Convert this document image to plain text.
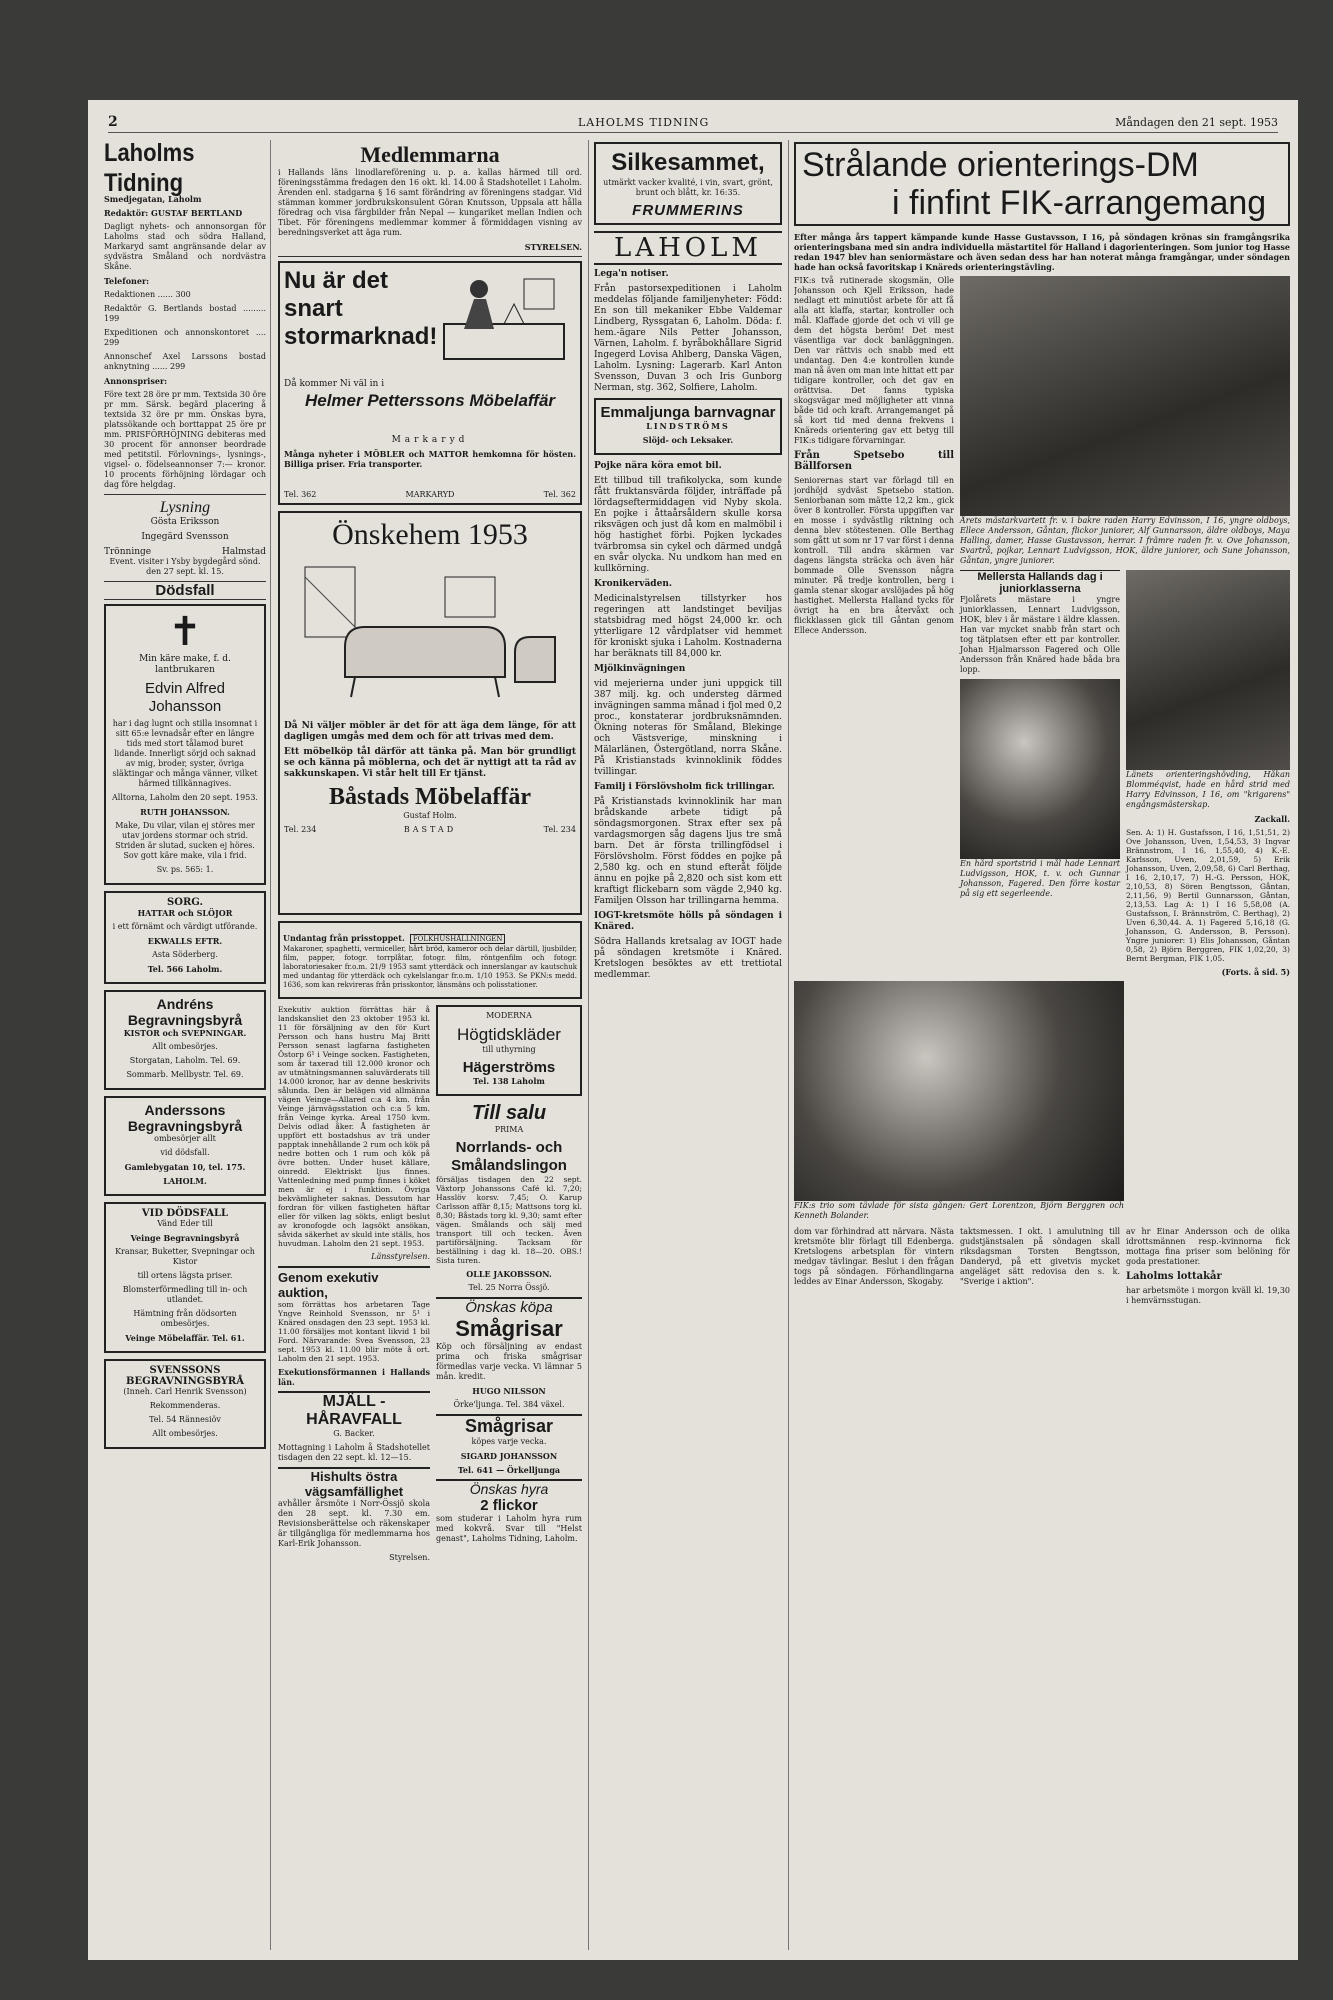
2	LAHOLMS TIDNING	Måndagen den 21 sept. 1953
Laholms Tidning

Smedjegatan, Laholm

Redaktör: GUSTAF BERTLAND

Dagligt nyhets- och annonsorgan för Laholms stad och södra Halland, Markaryd samt angränsande delar av sydvästra Småland och nordvästra Skåne.

Telefoner:

Redaktionen ...... 300

Redaktör G. Bertlands bostad ......... 199

Expeditionen och annonskontoret .... 299

Annonschef Axel Larssons bostad anknytning ...... 299

Annonspriser:

Före text 28 öre pr mm. Textsida 30 öre pr mm. Särsk. begärd placering å textsida 32 öre pr mm. Önskas byra, platssökande och borttappat 25 öre pr mm. PRISFÖRHÖJNING debiteras med 30 procent för annonser beordrade med petitstil. Förlovnings-, lysnings-, vigsel- o. födelseannonser 7:— kronor. 10 procents förhöjning lördagar och dag före helgdag.

Lysning

Gösta Eriksson

Ingegärd Svensson

Trönninge	Halmstad

Event. visiter i Ysby bygdegård sönd. den 27 sept. kl. 15.

Dödsfall
✝

Min käre make, f. d. lantbrukaren

Edvin Alfred Johansson

har i dag lugnt och stilla insomnat i sitt 65:e levnadsår efter en längre tids med stort tålamod buret lidande. Innerligt sörjd och saknad av mig, broder, syster, övriga släktingar och många vänner, vilket härmed tillkännagives.

Alltorna, Laholm den 20 sept. 1953.

RUTH JOHANSSON.

Make, Du vilar, vilan ej störes mer utav jordens stormar och strid. Striden är slutad, sucken ej höres. Sov gott käre make, vila i frid.

Sv. ps. 565: 1.

SORG.

HATTAR och SLÖJOR

i ett förnämt och värdigt utförande.

EKWALLS EFTR.

Asta Söderberg.

Tel. 566 Laholm.

Andréns Begravningsbyrå

KISTOR och SVEPNINGAR.

Allt ombesörjes.

Storgatan, Laholm. Tel. 69.

Sommarb. Mellbystr. Tel. 69.

Anderssons Begravningsbyrå

ombesörjer allt

vid dödsfall.

Gamlebygatan 10, tel. 175.

LAHOLM.

VID DÖDSFALL

Vänd Eder till

Veinge Begravningsbyrå

Kransar, Buketter, Svepningar och Kistor

till ortens lägsta priser.

Blomsterförmedling till in- och utlandet.

Hämtning från dödsorten ombesörjes.

Veinge Möbelaffär. Tel. 61.

SVENSSONS BEGRAVNINGSBYRÅ

(Inneh. Carl Henrik Svensson)

Rekommenderas.

Tel. 54 Rännesiöv

Allt ombesörjes.

Medlemmarna

i Hallands läns linodlareförening u. p. a. kallas härmed till ord. föreningsstämma fredagen den 16 okt. kl. 14.00 å Stadshotellet i Laholm. Ärenden enl. stadgarna § 16 samt förändring av föreningens stadgar. Vid stämman kommer jordbrukskonsulent Göran Knutsson, Uppsala att hålla föredrag och visa färgbilder från Nepal — kungariket mellan Indien och Tibet. För föreningens medlemmar kommer å förmiddagen visning av beredningsverket att äga rum.

STYRELSEN.

Nu är det snart stormarknad!

Då kommer Ni väl in i

Helmer Petterssons Möbelaffär
Markaryd

Många nyheter i MÖBLER och MATTOR hemkomna för hösten. Billiga priser. Fria transporter.

Tel. 362	MARKARYD	Tel. 362
Önskehem 1953

Då Ni väljer möbler är det för att äga dem länge, för att dagligen umgås med dem och för att trivas med dem.

Ett möbelköp tål därför att tänka på. Man bör grundligt se och känna på möblerna, och det är nyttigt att ta råd av sakkunskapen. Vi står helt till Er tjänst.

Båstads Möbelaffär

Gustaf Holm.

Tel. 234	BASTAD	Tel. 234
Undantag från prisstoppet. FOLKHUSHÅLLNINGEN

Makaroner, spaghetti, vermiceller, hårt bröd, kameror och delar därtill, ljusbilder, film, papper, fotogr. torrplåtar, fotogr. film, röntgenfilm och fotogr. laboratoriesaker fr.o.m. 21/9 1953 samt ytterdäck och innerslangar av kautschuk med undantag för ytterdäck och cykelslangar fr.o.m. 1/10 1953. Se PKN:s medd. 1636, som kan rekvireras från prisskontor, länsmäns och polisstationer.

Exekutiv auktion förrättas här å landskansliet den 23 oktober 1953 kl. 11 för försäljning av den för Kurt Persson och hans hustru Maj Britt Persson senast lagfarna fastigheten Östorp 6¹ i Veinge socken. Fastigheten, som år taxerad till 12.000 kronor och av utmätningsmannen saluvärderats till 14.000 kronor, har av denne beskrivits sålunda. Den är belägen vid allmänna vägen Veinge—Allared c:a 4 km. från Veinge järnvägsstation och c:a 5 km. från Veinge kyrka. Areal 1750 kvm. Delvis odlad åker. Å fastigheten är uppfört ett bostadshus av trä under papptak innehållande 2 rum och kök på nedre botten och 1 rum och kök på övre botten. Under huset källare, oinredd. Elektriskt ljus finnes. Vattenledning med pump finnes i köket men är ej i funktion. Övriga bekvämligheter saknas. Dessutom har fordran för vilken fastigheten häftar eller för vilken lag sökts, enligt beslut av kronofogde och lagsökt ansökan, såvida säkerhet av skuld inte ställs, hos huvudman. Laholm den 21 sept. 1953.

Länsstyrelsen.

Genom exekutiv auktion,

som förrättas hos arbetaren Tage Yngve Reinhold Svensson, nr 5¹ i Knäred onsdagen den 23 sept. 1953 kl. 11.00 försäljes mot kontant likvid 1 bil Ford. Närvarande: Svea Svensson, 23 sept. 1953 kl. 11.00 blir möte å ort. Laholm den 21 sept. 1953.

Exekutionsförmannen i Hallands län.

MJÄLL - HÅRAVFALL

G. Backer.

Mottagning i Laholm å Stadshotellet tisdagen den 22 sept. kl. 12—15.

Hishults östra vägsamfällighet

avhåller årsmöte i Norr-Össjö skola den 28 sept. kl. 7.30 em. Revisionsberättelse och räkenskaper är tillgängliga för medlemmarna hos Karl-Erik Johansson.

Styrelsen.

MODERNA

Högtidskläder

till uthyrning

Hägerströms

Tel. 138 Laholm

Till salu

PRIMA

Norrlands- och Smålandslingon

försäljas tisdagen den 22 sept. Växtorp Johanssons Café kl. 7,20; Hasslöv korsv. 7,45; O. Karup Carlsson affär 8,15; Mattsons torg kl. 8,30; Båstads torg kl. 9,30; samt efter vägen. Smålands och sälj med transport till och tecken. Även partiförsäljning. Tacksam för beställning i dag kl. 18—20. OBS.! Sista turen.

OLLE JAKOBSSON.

Tel. 25 Norra Össjö.

Önskas köpa
Smågrisar

Köp och försäljning av endast prima och friska smågrisar förmedlas varje vecka. Vi lämnar 5 mån. kredit.

HUGO NILSSON

Örke'ljunga. Tel. 384 växel.

Smågrisar

köpes varje vecka.

SIGARD JOHANSSON

Tel. 641 — Örkelljunga

Önskas hyra
2 flickor

som studerar i Laholm hyra rum med kokvrå. Svar till "Helst genast", Laholms Tidning, Laholm.

Silkesammet,

utmärkt vacker kvalité, i vin, svart, grönt, brunt och blått, kr. 16:35.

FRUMMERINS
LAHOLM

Lega'n notiser.

Från pastorsexpeditionen i Laholm meddelas följande familjenyheter: Född: En son till mekaniker Ebbe Valdemar Lindberg, Ryssgatan 6, Laholm. Döda: f. hem.-ägare Nils Petter Johansson, Värnen, Laholm. f. byråbokhållare Sigrid Ingegerd Lovisa Ahlberg, Danska Vägen, Laholm. Lysning: Lagerarb. Karl Anton Svensson, Duvan 3 och Iris Gunborg Nerman, stg. 362, Solfiere, Laholm.

Emmaljunga barnvagnar

LINDSTRÖMS

Slöjd- och Leksaker.

Pojke nära köra emot bil.

Ett tillbud till trafikolycka, som kunde fått fruktansvärda följder, inträffade på lördagseftermiddagen vid Nyby skola. En pojke i åttaårsåldern skulle korsa riksvägen och just då kom en malmöbil i hög hastighet förbi. Pojken lyckades tvärbromsa sin cykel och därmed undgå en svår olycka. Nu undkom han med en kullkörning.

Kronikerväden.

Medicinalstyrelsen tillstyrker hos regeringen att landstinget beviljas statsbidrag med högst 24,000 kr. och ytterligare 12 vårdplatser vid hemmet för kroniskt sjuka i Laholm. Kostnaderna har beräknats till 84,000 kr.

Mjölkinvägningen

vid mejerierna under juni uppgick till 387 milj. kg. och understeg därmed invägningen samma månad i fjol med 0,2 proc., konstaterar jordbruksnämnden. Ökning noteras för Småland, Blekinge och Västsverige, minskning i Mälarlänen, Östergötland, norra Skåne. På Kristianstads kvinnoklinik föddes tvillingar.

Familj i Förslövsholm fick trillingar.

På Kristianstads kvinnoklinik har man brådskande arbete tidigt på söndagsmorgonen. Strax efter sex på vardagsmorgen såg dagens ljus tre små barn. Det är första trillingfödsel i Förslövsholm. Först föddes en pojke på 2,580 kg. och en stund efteråt följde ännu en pojke på 2,820 och sist kom ett kraftigt flickebarn som vägde 2,940 kg. Familjen Olsson har trillingarna hemma.

IOGT-kretsmöte hölls på söndagen i Knäred.

Södra Hallands kretsalag av IOGT hade på söndagen kretsmöte i Knäred. Kretslogen besöktes av ett trettiotal medlemmar.

Strålande orienterings-DM
i finfint FIK-arrangemang

Efter många års tappert kämpande kunde Hasse Gustavsson, I 16, på söndagen krönas sin framgångsrika orienteringsbana med sin andra individuella mästartitel för Halland i dagorienteringen. Som junior tog Hasse redan 1947 blev han seniormästare och även sedan dess har han noterat många framgångar, under söndagen hade han också favoritskap i Knäreds orienteringstävling.

FIK:s två rutinerade skogsmän, Olle Johansson och Kjell Eriksson, hade nedlagt ett minutiöst arbete för att få alla att klaffa, startar, kontroller och mål. Klaffade gjorde det och vi vill ge dem det högsta beröm! Det mest väsentliga var dock banläggningen. Den var rättvis och snabb med ett undantag. Den 4:e kontrollen kunde man nå även om man inte hittat ett par tidigare kontroller, och det gav en orättvisa. Det fanns typiska skogsvägar med möjligheter att vinna både tid och kraft. Arrangemanget på så kort tid med denna frekvens i Knäreds orientering gav ett betyg till FIK:s tidigare förvarningar.

Från Spetsebo till Bällforsen

Seniorernas start var förlagd till en jordhöjd sydväst Spetsebo station. Seniorbanan som mätte 12,2 km., gick över 8 kontroller. Första uppgiften var en mosse i sydvästlig riktning och denna blev stötestenen. Olle Berthag som gått ut som nr 17 var först i denna kontroll. Till andra skärmen var dagens längsta sträcka och även här bommade Olle Svensson några minuter. På tredje kontrollen, berg i gamla stenar skogar avslöjades på hög hastighet. Mellersta Halland tycks för övrigt ha en bra återvåxt och flickklassen gick till Gåntan genom Ellece Andersson.

Årets mästarkvartett fr. v. i bakre raden Harry Edvinsson, I 16, yngre oldboys, Ellece Andersson, Gåntan, flickor juniorer, Alf Gunnarsson, äldre oldboys, Maya Halling, damer, Hasse Gustavsson, herrar. I främre raden fr. v. Ove Johansson, Svartrå, pojkar, Lennart Ludvigsson, HOK, äldre juniorer, och Sune Johansson, Gåntan, yngre juniorer.

Mellersta Hallands dag i juniorklasserna

Fjolårets mästare i yngre juniorklassen, Lennart Ludvigsson, HOK, blev i år mästare i äldre klassen. Han var mycket snabb från start och tog tätplatsen efter ett par kontroller. Johan Hjalmarsson Fagered och Olle Andersson från Knäred hade båda bra lopp.

En hård sportstrid i mål hade Lennart Ludvigsson, HOK, t. v. och Gunnar Johansson, Fagered. Den förre kostar på sig ett segerleende.

Länets orienteringshövding, Håkan Blomméqvist, hade en hård strid med Harry Edvinsson, I 16, om "krigarens" engångsmästerskap.

Zackall.

Sen. A: 1) H. Gustafsson, I 16, 1,51,51, 2) Ove Johansson, Uven, 1,54,53, 3) Ingvar Brännstrom, I 16, 1,55,40, 4) K.-E. Karlsson, Uven, 2,01,59, 5) Erik Johansson, Uven, 2,09,58, 6) Carl Berthag, I 16, 2,10,17, 7) H.-G. Persson, HOK, 2,10,53, 8) Sören Bengtsson, Gåntan, 2,11,56, 9) Bertil Gunnarsson, Gåntan, 2,13,53. Lag A: 1) I 16 5,58,08 (A. Gustafsson, I. Brännström, C. Berthag), 2) Uven 6,30,44. A. 1) Fagered 5,16,18 (G. Johansson, G. Andersson, B. Persson). Yngre juniorer: 1) Elis Johansson, Gåntan 0,58, 2) Björn Berggren, FIK 1,02,20, 3) Bernt Bergman, FIK 1,05.

(Forts. å sid. 5)

FIK:s trio som tävlade för sista gången: Gert Lorentzon, Björn Berggren och Kenneth Bolander.

dom var förhindrad att närvara. Nästa kretsmöte blir förlagt till Edenberga. Kretslogens arbetsplan för vintern medgav tävlingar. Beslut i den frågan togs på söndagen. Förhandlingarna leddes av Einar Andersson, Skogaby.

taktsmessen. I okt. i amulutning till gudstjänstsalen på söndagen skall riksdagsman Torsten Bengtsson, Danderyd, på ett givetvis mycket angeläget sätt redovisa den s. k. "Sverige i aktion".

av hr Einar Andersson och de olika idrottsmännen resp.-kvinnorna fick mottaga fina priser som belöning för goda prestationer.

Laholms lottakår

har arbetsmöte i morgon kväll kl. 19,30 i hemvärnsstugan.
